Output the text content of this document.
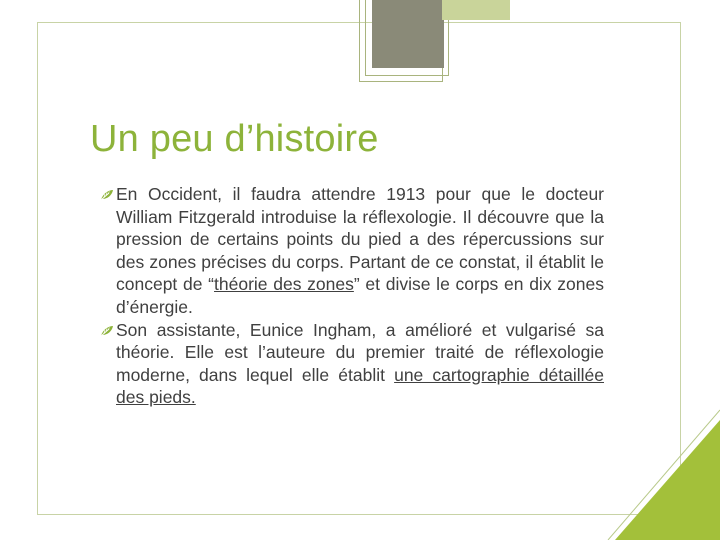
Un peu d’histoire
En Occident, il faudra attendre 1913 pour que le docteur William Fitzgerald introduise la réflexologie. Il découvre que la pression de certains points du pied a des répercussions sur des zones précises du corps. Partant de ce constat, il établit le concept de “théorie des zones” et divise le corps en dix zones d’énergie.
Son assistante, Eunice Ingham, a amélioré et vulgarisé sa théorie. Elle est l’auteure du premier traité de réflexologie moderne, dans lequel elle établit une cartographie détaillée des pieds.
